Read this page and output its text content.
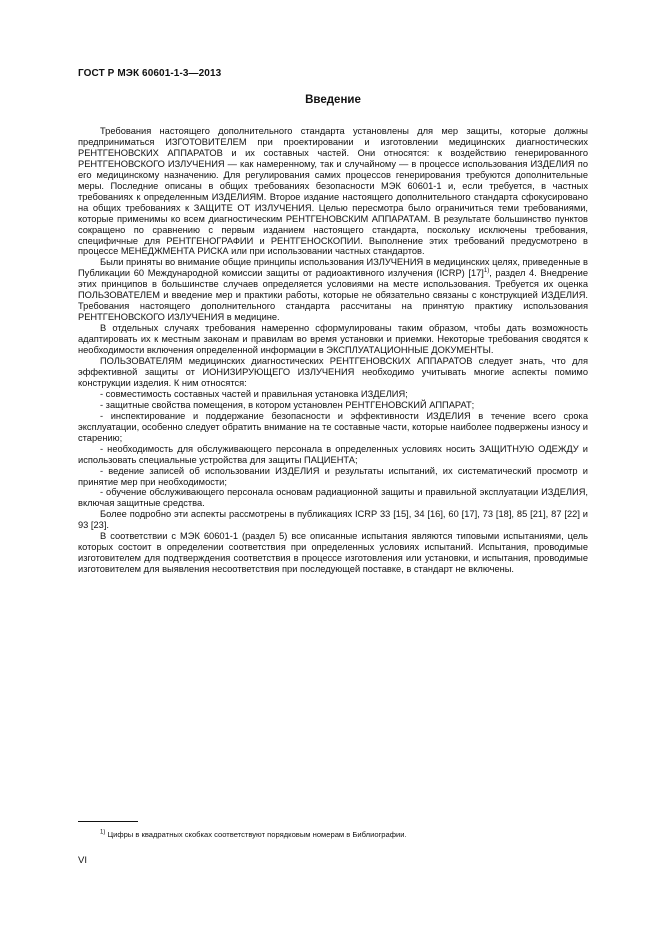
ГОСТ Р МЭК 60601-1-3—2013
Введение

Требования настоящего дополнительного стандарта установлены для мер защиты, которые должны предприниматься ИЗГОТОВИТЕЛЕМ при проектировании и изготовлении медицинских диагностических РЕНТГЕНОВСКИХ АППАРАТОВ и их составных частей. Они относятся: к воздействию генерированного РЕНТГЕНОВСКОГО ИЗЛУЧЕНИЯ — как намеренному, так и случайному — в процессе использования ИЗДЕЛИЯ по его медицинскому назначению. Для регулирования самих процессов генерирования требуются дополнительные меры. Последние описаны в общих требованиях безопасности МЭК 60601-1 и, если требуется, в частных требованиях к определенным ИЗДЕЛИЯМ. Второе издание настоящего дополнительного стандарта сфокусировано на общих требованиях к ЗАЩИТЕ ОТ ИЗЛУЧЕНИЯ. Целью пересмотра было ограничиться теми требованиями, которые применимы ко всем диагностическим РЕНТГЕНОВСКИМ АППАРАТАМ. В результате большинство пунктов сокращено по сравнению с первым изданием настоящего стандарта, поскольку исключены требования, специфичные для РЕНТГЕНОГРАФИИ и РЕНТГЕНОСКОПИИ. Выполнение этих требований предусмотрено в процессе МЕНЕДЖМЕНТА РИСКА или при использовании частных стандартов.

Были приняты во внимание общие принципы использования ИЗЛУЧЕНИЯ в медицинских целях, приведенные в Публикации 60 Международной комиссии защиты от радиоактивного излучения (ICRP) $[17]^{1)}$, раздел 4. Внедрение этих принципов в большинстве случаев определяется условиями на месте использования. Требуется их оценка ПОЛЬЗОВАТЕЛЕМ и введение мер и практики работы, которые не обязательно связаны с конструкцией ИЗДЕЛИЯ. Требования настоящего дополнительного стандарта рассчитаны на принятую практику использования РЕНТГЕНОВСКОГО ИЗЛУЧЕНИЯ в медицине.

В отдельных случаях требования намеренно сформулированы таким образом, чтобы дать возможность адаптировать их к местным законам и правилам во время установки и приемки. Некоторые требования сводятся к необходимости включения определенной информации в ЭКСПЛУАТАЦИОННЫЕ ДОКУМЕНТЫ.

ПОЛЬЗОВАТЕЛЯМ медицинских диагностических РЕНТГЕНОВСКИХ АППАРАТОВ следует знать, что для эффективной защиты от ИОНИЗИРУЮЩЕГО ИЗЛУЧЕНИЯ необходимо учитывать многие аспекты помимо конструкции изделия. К ним относятся:

- совместимость составных частей и правильная установка ИЗДЕЛИЯ;

- защитные свойства помещения, в котором установлен РЕНТГЕНОВСКИЙ АППАРАТ;

- инспектирование и поддержание безопасности и эффективности ИЗДЕЛИЯ в течение всего срока эксплуатации, особенно следует обратить внимание на те составные части, которые наиболее подвержены износу и старению;

- необходимость для обслуживающего персонала в определенных условиях носить ЗАЩИТНУЮ ОДЕЖДУ и использовать специальные устройства для защиты ПАЦИЕНТА;

- ведение записей об использовании ИЗДЕЛИЯ и результаты испытаний, их систематический просмотр и принятие мер при необходимости;

- обучение обслуживающего персонала основам радиационной защиты и правильной эксплуатации ИЗДЕЛИЯ, включая защитные средства.

Более подробно эти аспекты рассмотрены в публикациях ICRP 33 [15], 34 [16], 60 [17], 73 [18], 85 [21], 87 [22] и 93 [23].

В соответствии с МЭК 60601-1 (раздел 5) все описанные испытания являются типовыми испытаниями, цель которых состоит в определении соответствия при определенных условиях испытаний. Испытания, проводимые изготовителем для подтверждения соответствия в процессе изготовления или установки, и испытания, проводимые изготовителем для выявления несоответствия при последующей поставке, в стандарт не включены.

$^{1)}$ Цифры в квадратных скобках соответствуют порядковым номерам в Библиографии.
VI
